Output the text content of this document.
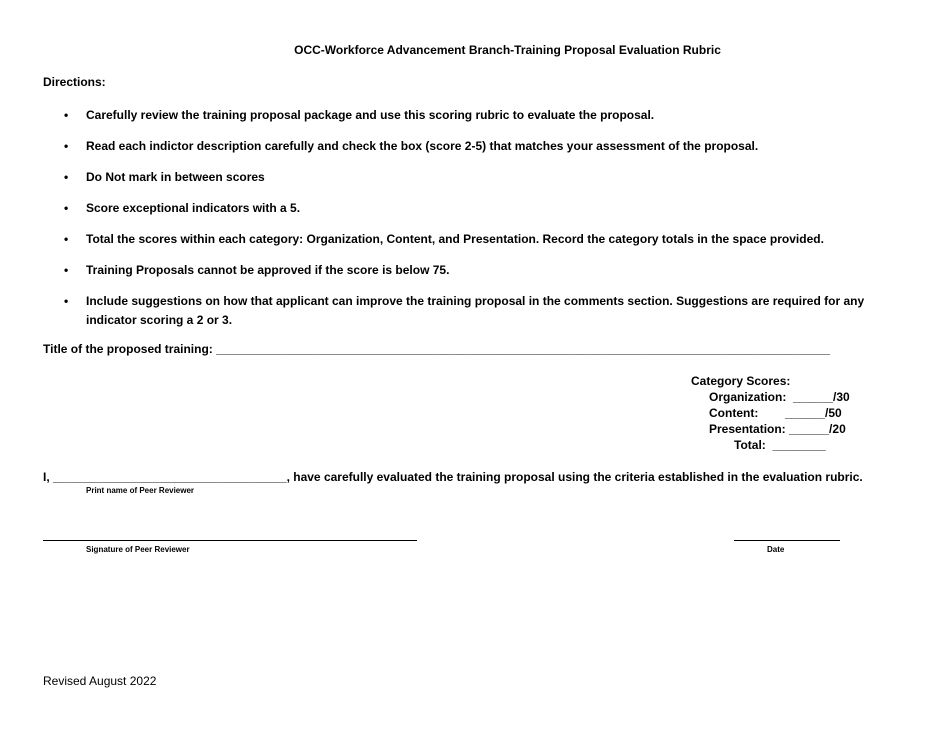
OCC-Workforce Advancement Branch-Training Proposal Evaluation Rubric
Directions:
• Carefully review the training proposal package and use this scoring rubric to evaluate the proposal.
• Read each indictor description carefully and check the box (score 2-5) that matches your assessment of the proposal.
• Do Not mark in between scores
• Score exceptional indicators with a 5.
• Total the scores within each category: Organization, Content, and Presentation. Record the category totals in the space provided.
• Training Proposals cannot be approved if the score is below 75.
• Include suggestions on how that applicant can improve the training proposal in the comments section. Suggestions are required for any indicator scoring a 2 or 3.
Title of the proposed training: ____________________________________________________________________________________________
Category Scores:
Organization:  ______/30
Content:        ______/50
Presentation: ______/20
Total:  ________
I, ___________________________________, have carefully evaluated the training proposal using the criteria established in the evaluation rubric.
Print name of Peer Reviewer
Signature of Peer Reviewer	Date
Revised August 2022
